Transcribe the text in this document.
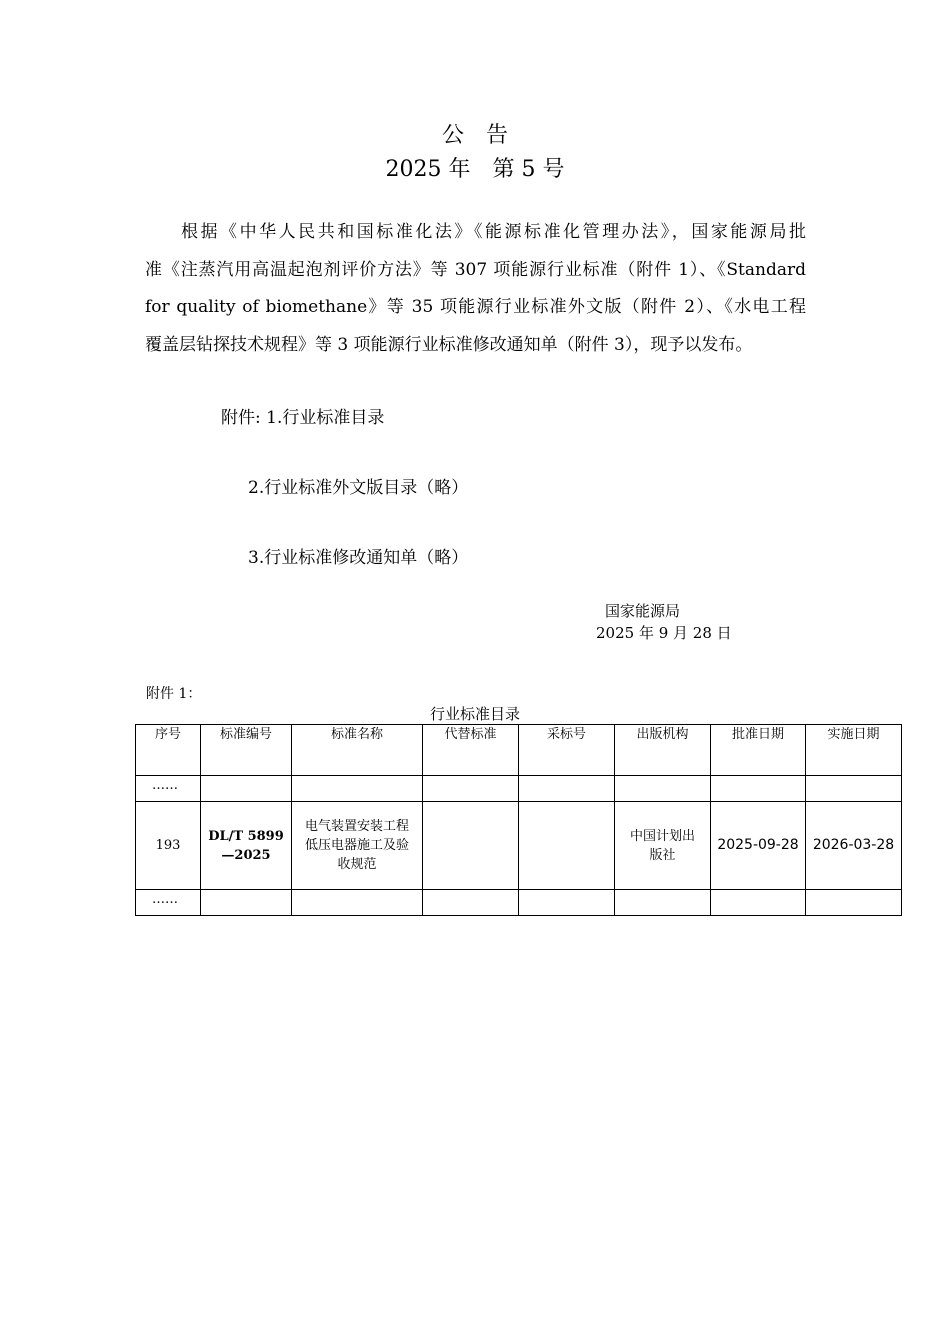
公　告
2025 年　第 5 号
根据《中华人民共和国标准化法》《能源标准化管理办法》，国家能源局批
准《注蒸汽用高温起泡剂评价方法》等 307 项能源行业标准（附件 1）、《Standard
for quality of biomethane》等 35 项能源行业标准外文版（附件 2）、《水电工程
覆盖层钻探技术规程》等 3 项能源行业标准修改通知单（附件 3），现予以发布。
附件: 1.行业标准目录
2.行业标准外文版目录（略）
3.行业标准修改通知单（略）
国家能源局
2025 年 9 月 28 日
附件 1：
行业标准目录
序号	标准编号	标准名称	代替标准	采标号	出版机构	批准日期	实施日期
……							
193	DL/T 5899
—2025	电气装置安装工程 低压电器施工及验收规范			中国计划出版社	2025-09-28	2026-03-28
……							
